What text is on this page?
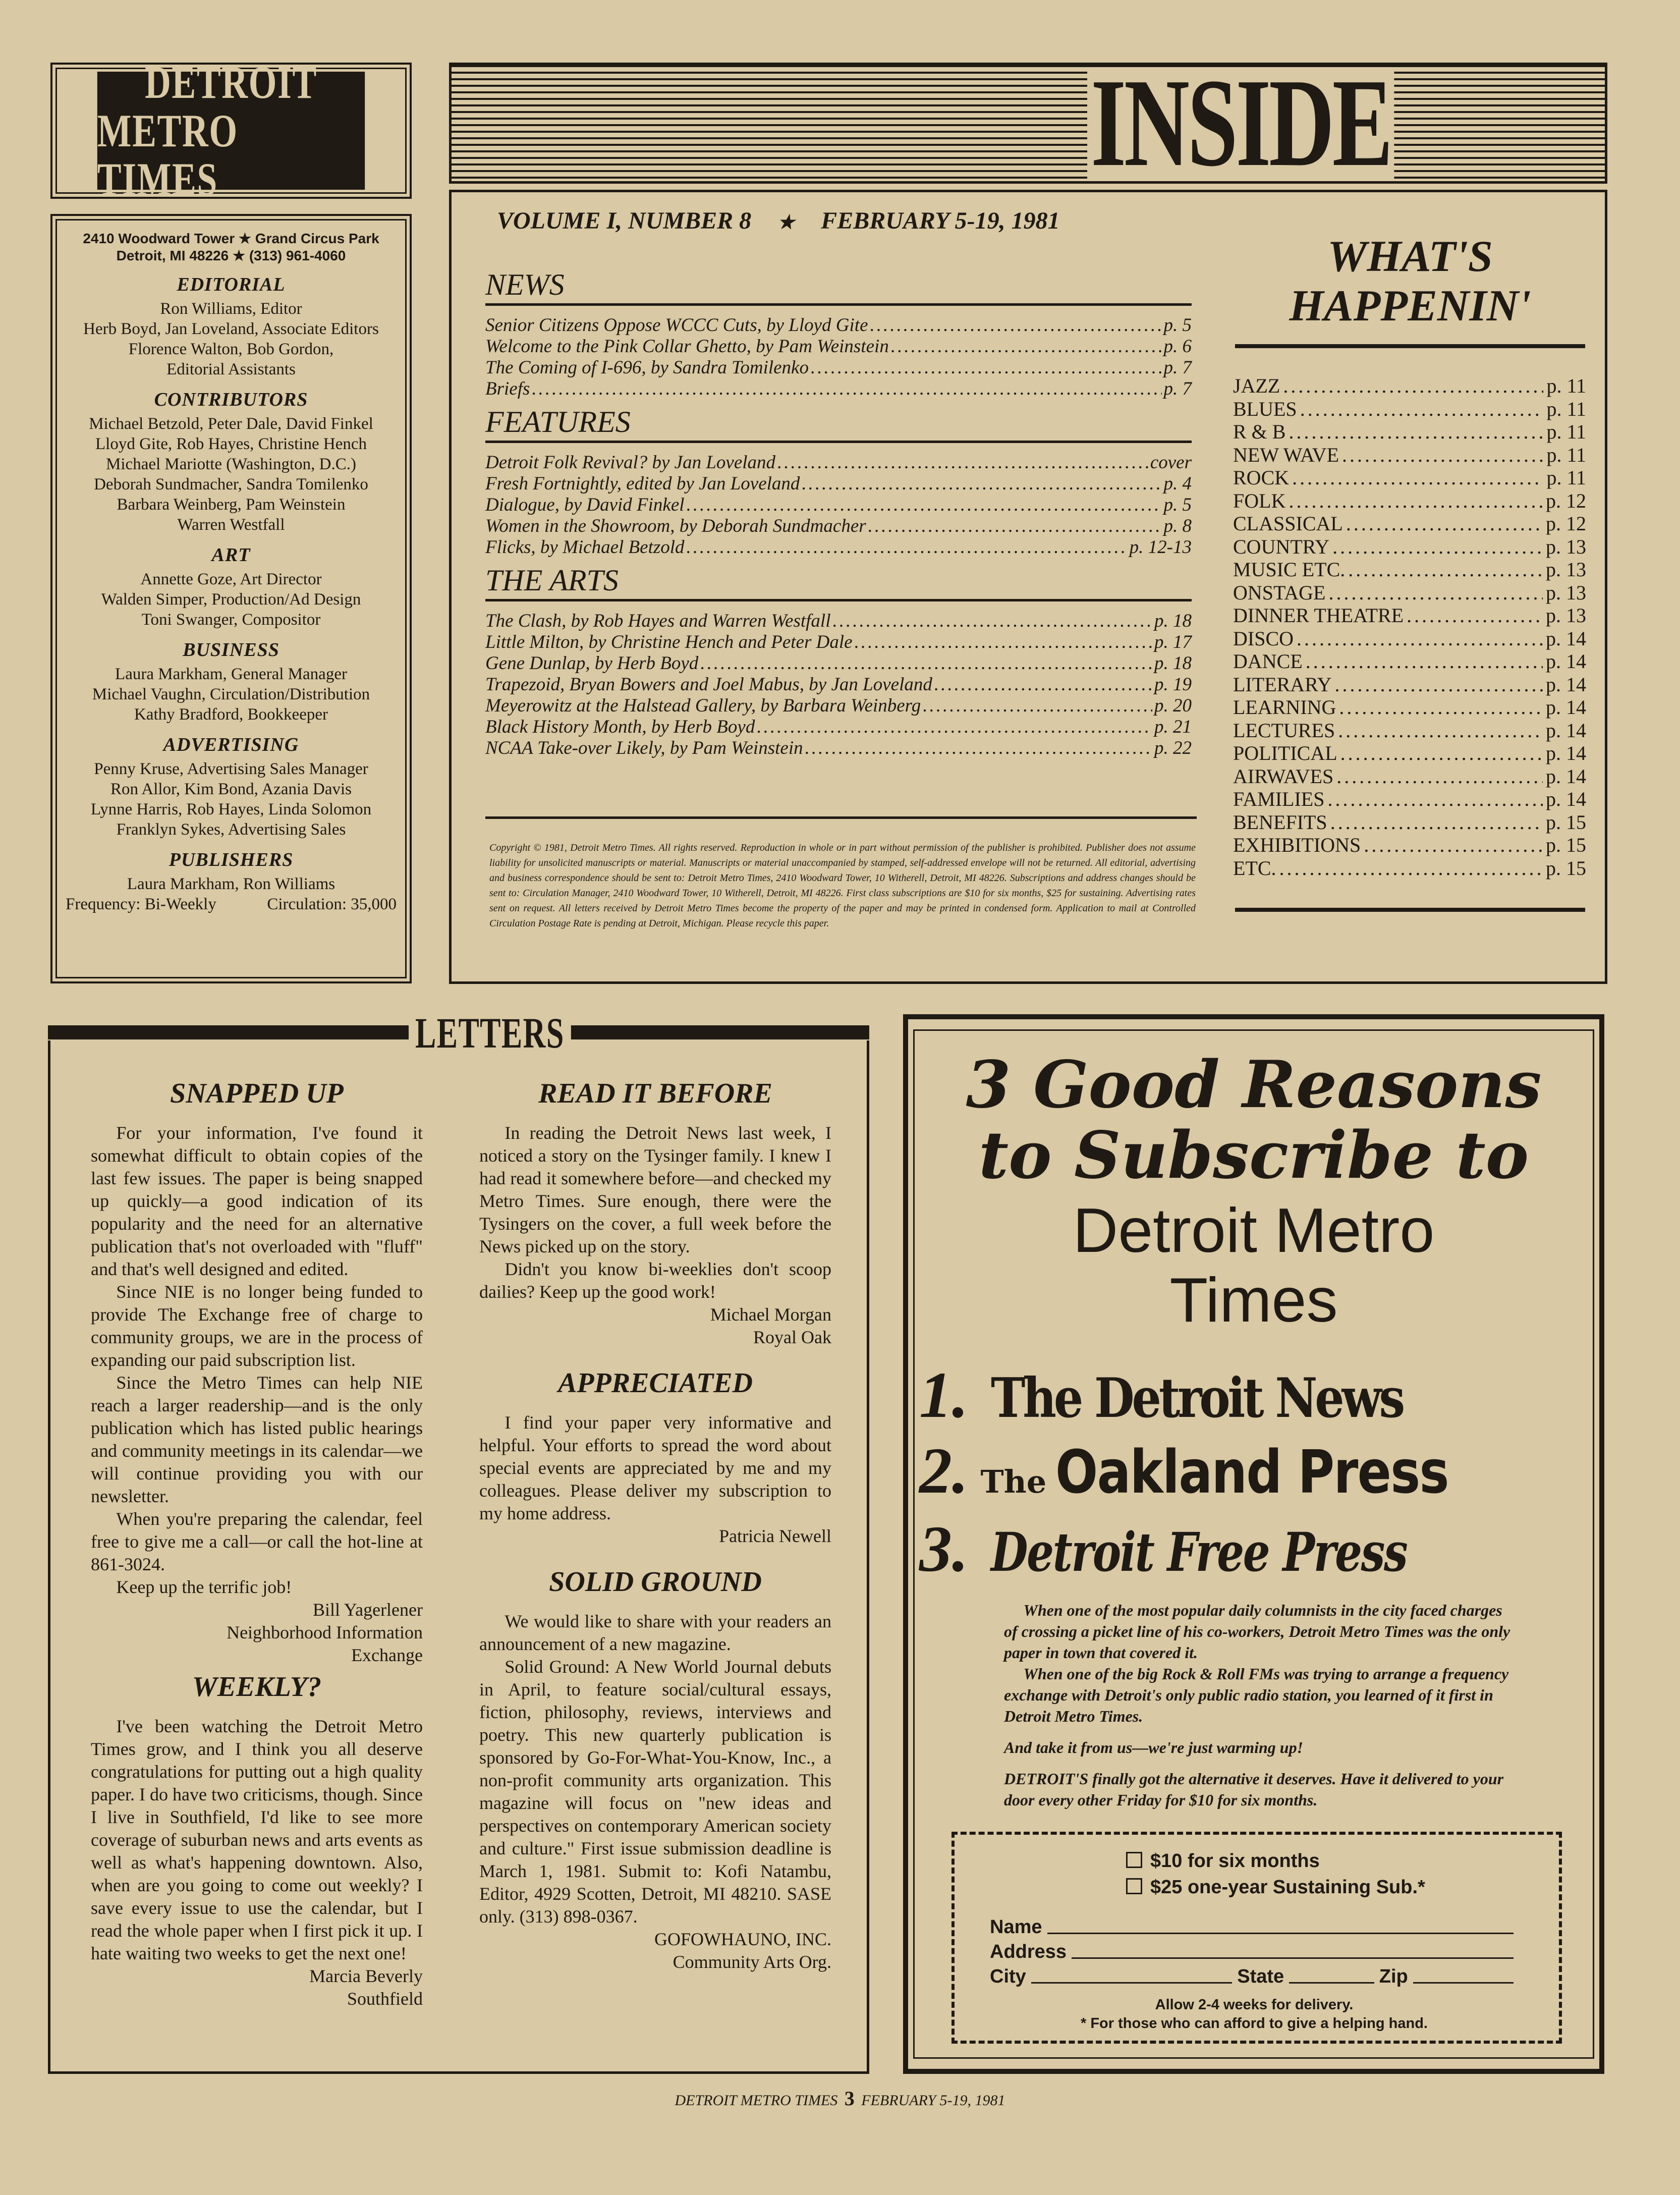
DETROIT
METRO TIMES
2410 Woodward Tower ★ Grand Circus Park
Detroit, MI 48226 ★ (313) 961-4060
EDITORIAL
Ron Williams, Editor
Herb Boyd, Jan Loveland, Associate Editors
Florence Walton, Bob Gordon,
Editorial Assistants
CONTRIBUTORS
Michael Betzold, Peter Dale, David Finkel
Lloyd Gite, Rob Hayes, Christine Hench
Michael Mariotte (Washington, D.C.)
Deborah Sundmacher, Sandra Tomilenko
Barbara Weinberg, Pam Weinstein
Warren Westfall
ART
Annette Goze, Art Director
Walden Simper, Production/Ad Design
Toni Swanger, Compositor
BUSINESS
Laura Markham, General Manager
Michael Vaughn, Circulation/Distribution
Kathy Bradford, Bookkeeper
ADVERTISING
Penny Kruse, Advertising Sales Manager
Ron Allor, Kim Bond, Azania Davis
Lynne Harris, Rob Hayes, Linda Solomon
Franklyn Sykes, Advertising Sales
PUBLISHERS
Laura Markham, Ron Williams
Frequency: Bi-Weekly	Circulation: 35,000
INSIDE
VOLUME I, NUMBER 8 ★ FEBRUARY 5-19, 1981
NEWS
Senior Citizens Oppose WCCC Cuts, by Lloyd Gite .....	p. 5
Welcome to the Pink Collar Ghetto, by Pam Weinstein .....	p. 6
The Coming of I-696, by Sandra Tomilenko .....	p. 7
Briefs .....	p. 7
FEATURES
Detroit Folk Revival? by Jan Loveland .....	cover
Fresh Fortnightly, edited by Jan Loveland .....	p. 4
Dialogue, by David Finkel .....	p. 5
Women in the Showroom, by Deborah Sundmacher .....	p. 8
Flicks, by Michael Betzold .....	p. 12-13
THE ARTS
The Clash, by Rob Hayes and Warren Westfall .....	p. 18
Little Milton, by Christine Hench and Peter Dale .....	p. 17
Gene Dunlap, by Herb Boyd .....	p. 18
Trapezoid, Bryan Bowers and Joel Mabus, by Jan Loveland .....	p. 19
Meyerowitz at the Halstead Gallery, by Barbara Weinberg .....	p. 20
Black History Month, by Herb Boyd .....	p. 21
NCAA Take-over Likely, by Pam Weinstein .....	p. 22
Copyright © 1981, Detroit Metro Times. All rights reserved. Reproduction in whole or in part without permission of the publisher is prohibited. Publisher does not assume liability for unsolicited manuscripts or material. Manuscripts or material unaccompanied by stamped, self-addressed envelope will not be returned. All editorial, advertising and business correspondence should be sent to: Detroit Metro Times, 2410 Woodward Tower, 10 Witherell, Detroit, MI 48226. Subscriptions and address changes should be sent to: Circulation Manager, 2410 Woodward Tower, 10 Witherell, Detroit, MI 48226. First class subscriptions are $10 for six months, $25 for sustaining. Advertising rates sent on request. All letters received by Detroit Metro Times become the property of the paper and may be printed in condensed form. Application to mail at Controlled Circulation Postage Rate is pending at Detroit, Michigan. Please recycle this paper.
WHAT'S
HAPPENIN'
JAZZ .....	p. 11
BLUES .....	p. 11
R & B .....	p. 11
NEW WAVE .....	p. 11
ROCK .....	p. 11
FOLK .....	p. 12
CLASSICAL .....	p. 12
COUNTRY .....	p. 13
MUSIC ETC. .....	p. 13
ONSTAGE .....	p. 13
DINNER THEATRE .....	p. 13
DISCO .....	p. 14
DANCE .....	p. 14
LITERARY .....	p. 14
LEARNING .....	p. 14
LECTURES .....	p. 14
POLITICAL .....	p. 14
AIRWAVES .....	p. 14
FAMILIES .....	p. 14
BENEFITS .....	p. 15
EXHIBITIONS .....	p. 15
ETC. .....	p. 15
LETTERS
SNAPPED UP

For your information, I've found it somewhat difficult to obtain copies of the last few issues. The paper is being snapped up quickly—a good indication of its popularity and the need for an alternative publication that's not overloaded with "fluff" and that's well designed and edited.

Since NIE is no longer being funded to provide The Exchange free of charge to community groups, we are in the process of expanding our paid subscription list.

Since the Metro Times can help NIE reach a larger readership—and is the only publication which has listed public hearings and community meetings in its calendar—we will continue providing you with our newsletter.

When you're preparing the calendar, feel free to give me a call—or call the hot-line at 861-3024.

Keep up the terrific job!

Bill Yagerlener
Neighborhood Information
Exchange
WEEKLY?

I've been watching the Detroit Metro Times grow, and I think you all deserve congratulations for putting out a high quality paper. I do have two criticisms, though. Since I live in Southfield, I'd like to see more coverage of suburban news and arts events as well as what's happening downtown. Also, when are you going to come out weekly? I save every issue to use the calendar, but I read the whole paper when I first pick it up. I hate waiting two weeks to get the next one!

Marcia Beverly
Southfield
READ IT BEFORE

In reading the Detroit News last week, I noticed a story on the Tysinger family. I knew I had read it somewhere before—and checked my Metro Times. Sure enough, there were the Tysingers on the cover, a full week before the News picked up on the story.

Didn't you know bi-weeklies don't scoop dailies? Keep up the good work!

Michael Morgan
Royal Oak
APPRECIATED

I find your paper very informative and helpful. Your efforts to spread the word about special events are appreciated by me and my colleagues. Please deliver my subscription to my home address.

Patricia Newell
SOLID GROUND

We would like to share with your readers an announcement of a new magazine.

Solid Ground: A New World Journal debuts in April, to feature social/cultural essays, fiction, philosophy, reviews, interviews and poetry. This new quarterly publication is sponsored by Go-For-What-You-Know, Inc., a non-profit community arts organization. This magazine will focus on "new ideas and perspectives on contemporary American society and culture." First issue submission deadline is March 1, 1981. Submit to: Kofi Natambu, Editor, 4929 Scotten, Detroit, MI 48210. SASE only. (313) 898-0367.

GOFOWHAUNO, INC.
Community Arts Org.
3 Good Reasons
to Subscribe to
Detroit Metro
Times
1. The Detroit News
2. The Oakland Press
3. Detroit Free Press

When one of the most popular daily columnists in the city faced charges of crossing a picket line of his co-workers, Detroit Metro Times was the only paper in town that covered it.

When one of the big Rock & Roll FMs was trying to arrange a frequency exchange with Detroit's only public radio station, you learned of it first in Detroit Metro Times.

And take it from us—we're just warming up!

DETROIT'S finally got the alternative it deserves. Have it delivered to your door every other Friday for $10 for six months.

$10 for six months
$25 one-year Sustaining Sub.*
Name
Address
City	State	Zip
Allow 2-4 weeks for delivery.
* For those who can afford to give a helping hand.
DETROIT METRO TIMES 3 FEBRUARY 5-19, 1981
